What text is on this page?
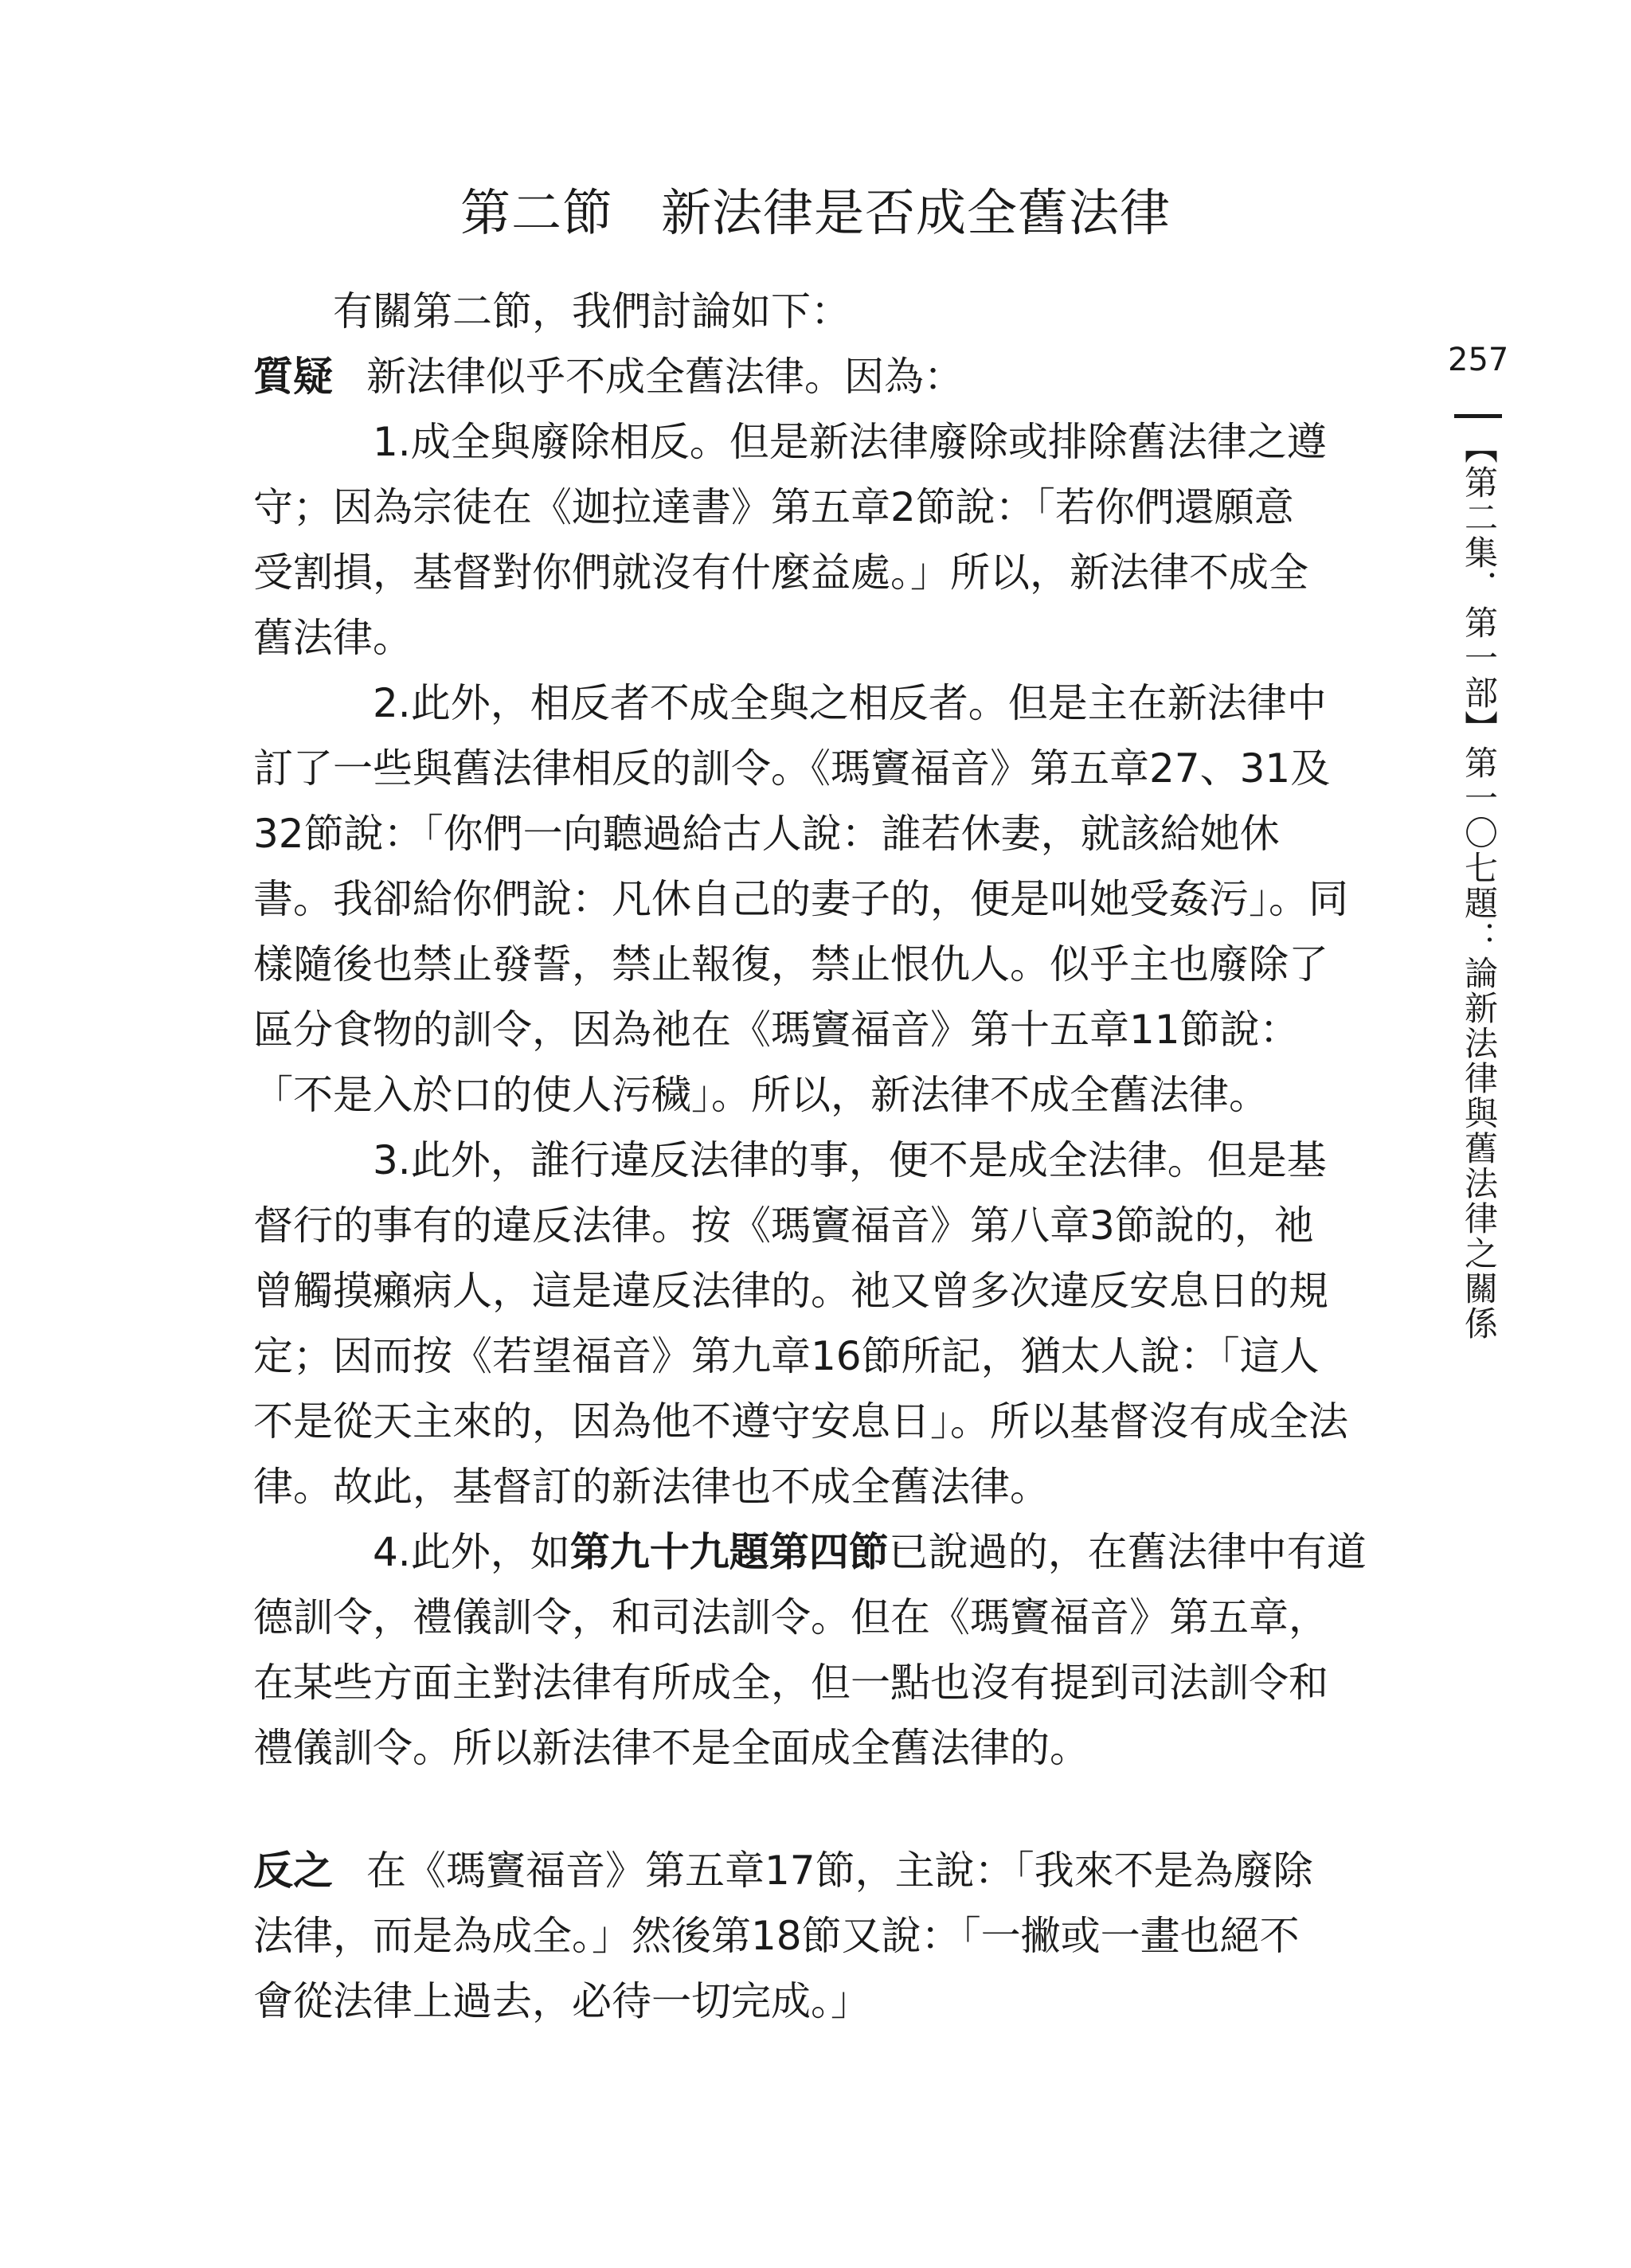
第二節 新法律是否成全舊法律
257
【第二集．第一部】第一〇七題：論新法律與舊法律之關係
有關第二節，我們討論如下：
質疑 新法律似乎不成全舊法律。因為：
1.成全與廢除相反。但是新法律廢除或排除舊法律之遵
守；因為宗徒在《迦拉達書》第五章2節說：「若你們還願意
受割損，基督對你們就沒有什麼益處。」所以，新法律不成全
舊法律。
2.此外，相反者不成全與之相反者。但是主在新法律中
訂了一些與舊法律相反的訓令。《瑪竇福音》第五章27、31及
32節說：「你們一向聽過給古人說：誰若休妻，就該給她休
書。我卻給你們說：凡休自己的妻子的，便是叫她受姦污」。同
樣隨後也禁止發誓，禁止報復，禁止恨仇人。似乎主也廢除了
區分食物的訓令，因為祂在《瑪竇福音》第十五章11節說：
「不是入於口的使人污穢」。所以，新法律不成全舊法律。
3.此外，誰行違反法律的事，便不是成全法律。但是基
督行的事有的違反法律。按《瑪竇福音》第八章3節說的，祂
曾觸摸癩病人，這是違反法律的。祂又曾多次違反安息日的規
定；因而按《若望福音》第九章16節所記，猶太人說：「這人
不是從天主來的，因為他不遵守安息日」。所以基督沒有成全法
律。故此，基督訂的新法律也不成全舊法律。
4.此外，如第九十九題第四節已說過的，在舊法律中有道
德訓令，禮儀訓令，和司法訓令。但在《瑪竇福音》第五章，
在某些方面主對法律有所成全，但一點也沒有提到司法訓令和
禮儀訓令。所以新法律不是全面成全舊法律的。
反之 在《瑪竇福音》第五章17節，主說：「我來不是為廢除
法律，而是為成全。」然後第18節又說：「一撇或一畫也絕不
會從法律上過去，必待一切完成。」
